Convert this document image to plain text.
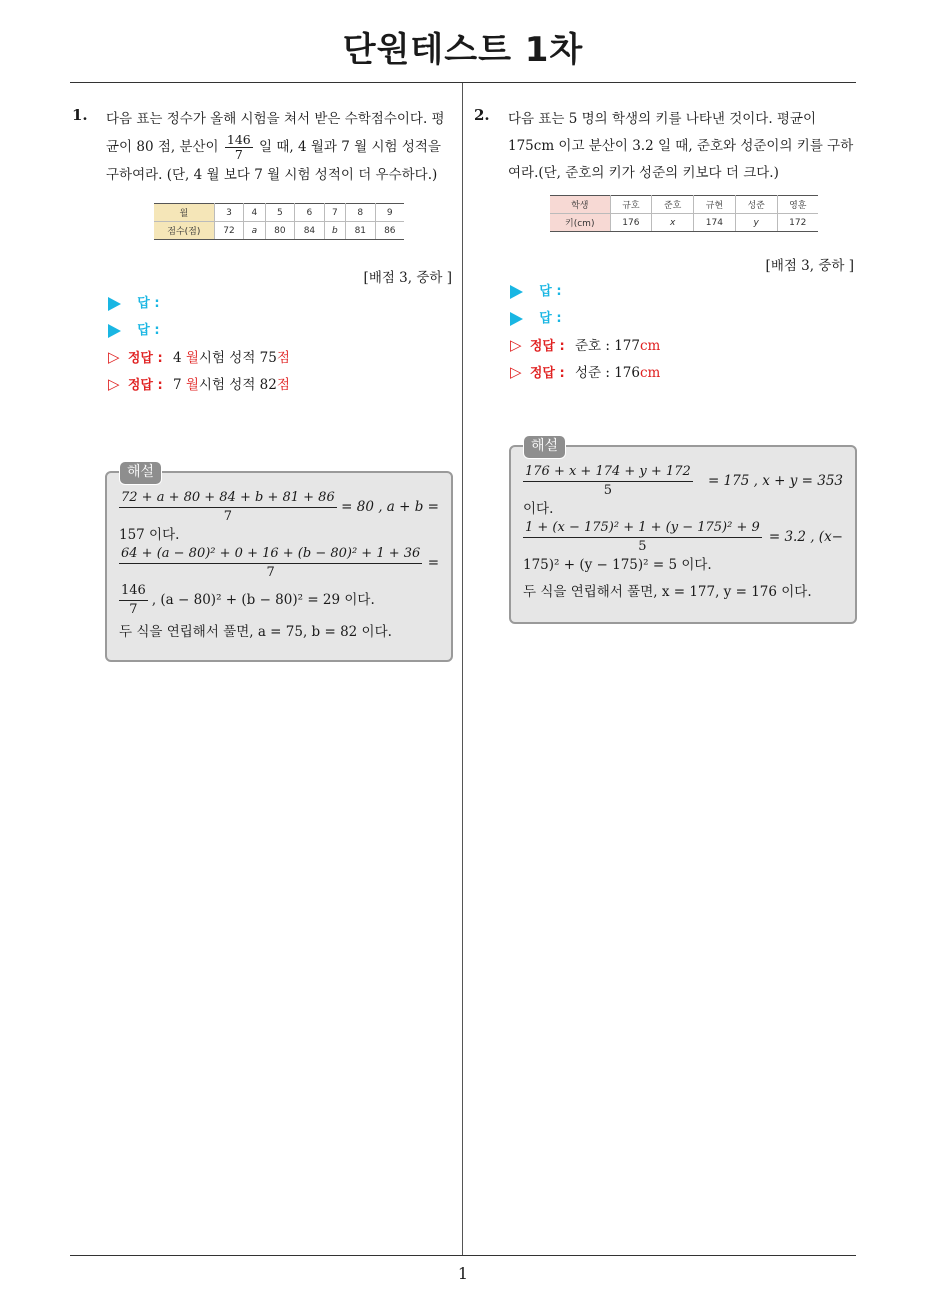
단원테스트 1차
1. 다음 표는 정수가 올해 시험을 쳐서 받은 수학점수이다. 평균이 80 점, 분산이 $\frac{146}{7}$ 일 때, 4 월과 7 월 시험 성적을 구하여라. (단, 4 월 보다 7 월 시험 성적이 더 우수하다.)
월	3	4	5	6	7	8	9
점수(점)	72	a	80	84	b	81	86
[배점 3, 중하 ]
답 :
답 :
▷ 정답 : 4 월시험 성적 75점
▷ 정답 : 7 월시험 성적 82점
해설
$\frac{72 + a + 80 + 84 + b + 81 + 86}{7} = 80$ , a + b =
157 이다.
$\frac{\text{64 + (a − 80)² + 0 + 16 + (b − 80)² + 1 + 36}}{7}$ =
$\frac{146}{7}$ , (a − 80)² + (b − 80)² = 29 이다.
두 식을 연립해서 풀면, a = 75, b = 82 이다.
2. 다음 표는 5 명의 학생의 키를 나타낸 것이다. 평균이 175cm 이고 분산이 3.2 일 때, 준호와 성준이의 키를 구하여라.(단, 준호의 키가 성준의 키보다 더 크다.)
학생	규호	준호	규현	성준	영훈
키(cm)	176	x	174	y	172
[배점 3, 중하 ]
답 :
답 :
▷ 정답 : 준호 : 177cm
▷ 정답 : 성준 : 176cm
해설
$\frac{176 + x + 174 + y + 172}{5} = 175$ , x + y = 353
이다.
$\frac{\text{1 + (x − 175)² + 1 + (y − 175)² + 9}}{5} = 3.2$ , (x−
175)² + (y − 175)² = 5 이다.
두 식을 연립해서 풀면, x = 177, y = 176 이다.
1
